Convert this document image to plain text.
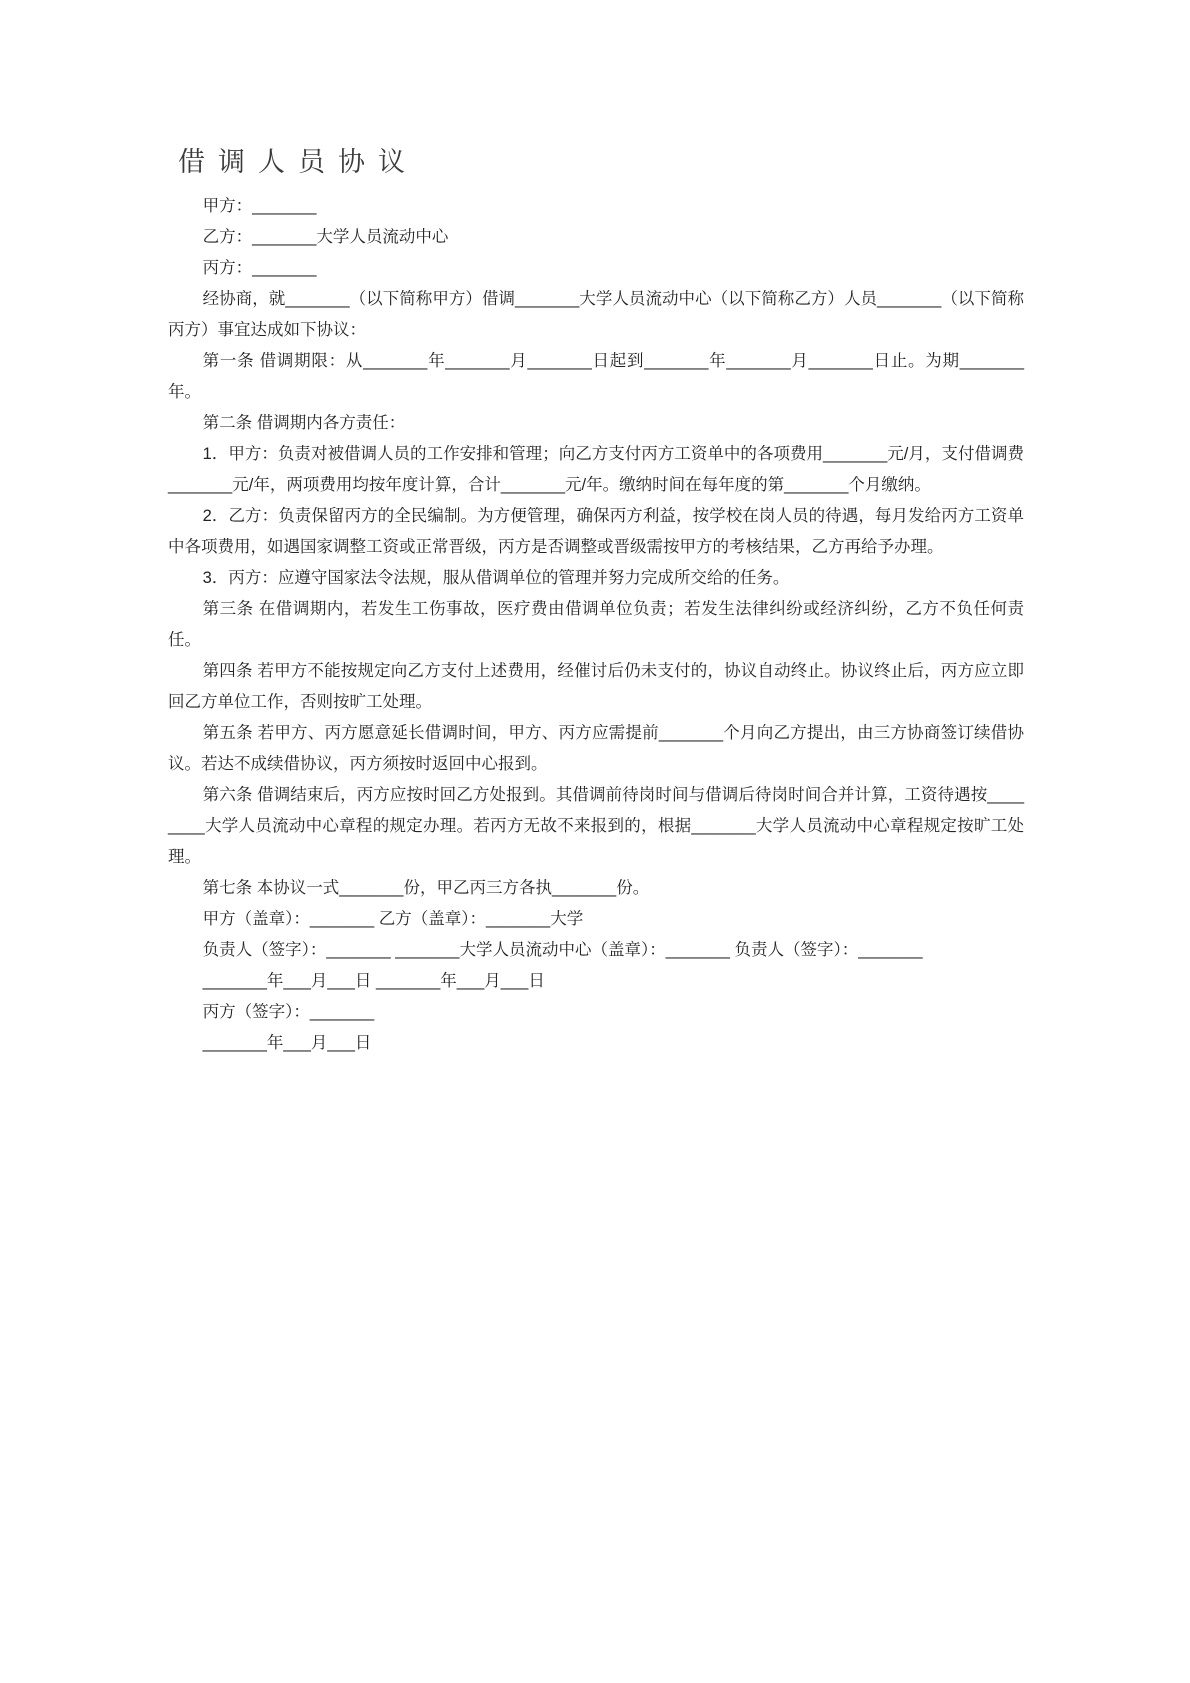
借调人员协议

甲方：_______

乙方：_______大学人员流动中心

丙方：_______

经协商，就_______（以下简称甲方）借调_______大学人员流动中心（以下简称乙方）人员_______（以下简称丙方）事宜达成如下协议：

第一条 借调期限：从_______年_______月_______日起到_______年_______月_______日止。为期_______年。

第二条 借调期内各方责任：

1．甲方：负责对被借调人员的工作安排和管理；向乙方支付丙方工资单中的各项费用_______元/月，支付借调费_______元/年，两项费用均按年度计算，合计_______元/年。缴纳时间在每年度的第_______个月缴纳。

2．乙方：负责保留丙方的全民编制。为方便管理，确保丙方利益，按学校在岗人员的待遇，每月发给丙方工资单中各项费用，如遇国家调整工资或正常晋级，丙方是否调整或晋级需按甲方的考核结果，乙方再给予办理。

3．丙方：应遵守国家法令法规，服从借调单位的管理并努力完成所交给的任务。

第三条 在借调期内，若发生工伤事故，医疗费由借调单位负责；若发生法律纠纷或经济纠纷，乙方不负任何责任。

第四条 若甲方不能按规定向乙方支付上述费用，经催讨后仍未支付的，协议自动终止。协议终止后，丙方应立即回乙方单位工作，否则按旷工处理。

第五条 若甲方、丙方愿意延长借调时间，甲方、丙方应需提前_______个月向乙方提出，由三方协商签订续借协议。若达不成续借协议，丙方须按时返回中心报到。

第六条 借调结束后，丙方应按时回乙方处报到。其借调前待岗时间与借调后待岗时间合并计算，工资待遇按________大学人员流动中心章程的规定办理。若丙方无故不来报到的，根据_______大学人员流动中心章程规定按旷工处理。

第七条 本协议一式_______份，甲乙丙三方各执_______份。

甲方（盖章）：_______ 乙方（盖章）：_______大学

负责人（签字）：_______ _______大学人员流动中心（盖章）：_______ 负责人（签字）：_______

_______年___月___日 _______年___月___日

丙方（签字）：_______

_______年___月___日
